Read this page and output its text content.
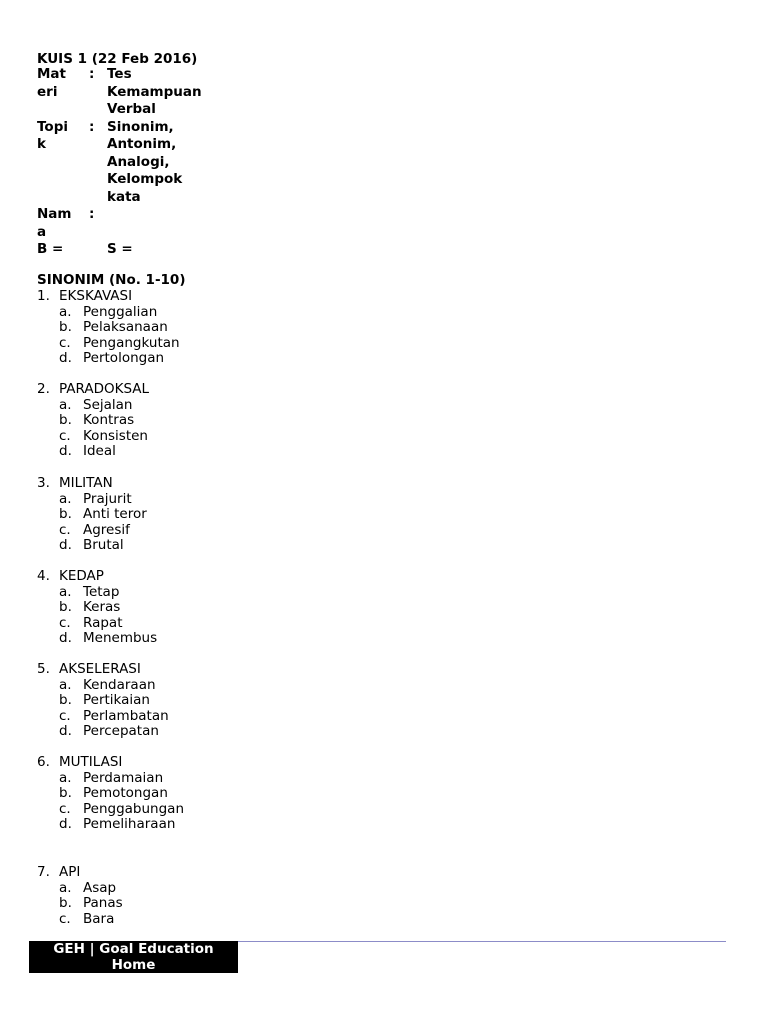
KUIS 1 (22 Feb 2016)
Mat eri
: Tes Kemampuan Verbal
Topi k
: Sinonim, Antonim, Analogi, Kelompok kata
Nam a
:
B =	S =
SINONIM (No. 1-10)
1. EKSKAVASI
a. Penggalian
b. Pelaksanaan
c. Pengangkutan
d. Pertolongan
2. PARADOKSAL
a. Sejalan
b. Kontras
c. Konsisten
d. Ideal
3. MILITAN
a. Prajurit
b. Anti teror
c. Agresif
d. Brutal
4. KEDAP
a. Tetap
b. Keras
c. Rapat
d. Menembus
5. AKSELERASI
a. Kendaraan
b. Pertikaian
c. Perlambatan
d. Percepatan
6. MUTILASI
a. Perdamaian
b. Pemotongan
c. Penggabungan
d. Pemeliharaan
7. API
a. Asap
b. Panas
c. Bara
GEH | Goal Education
Home
